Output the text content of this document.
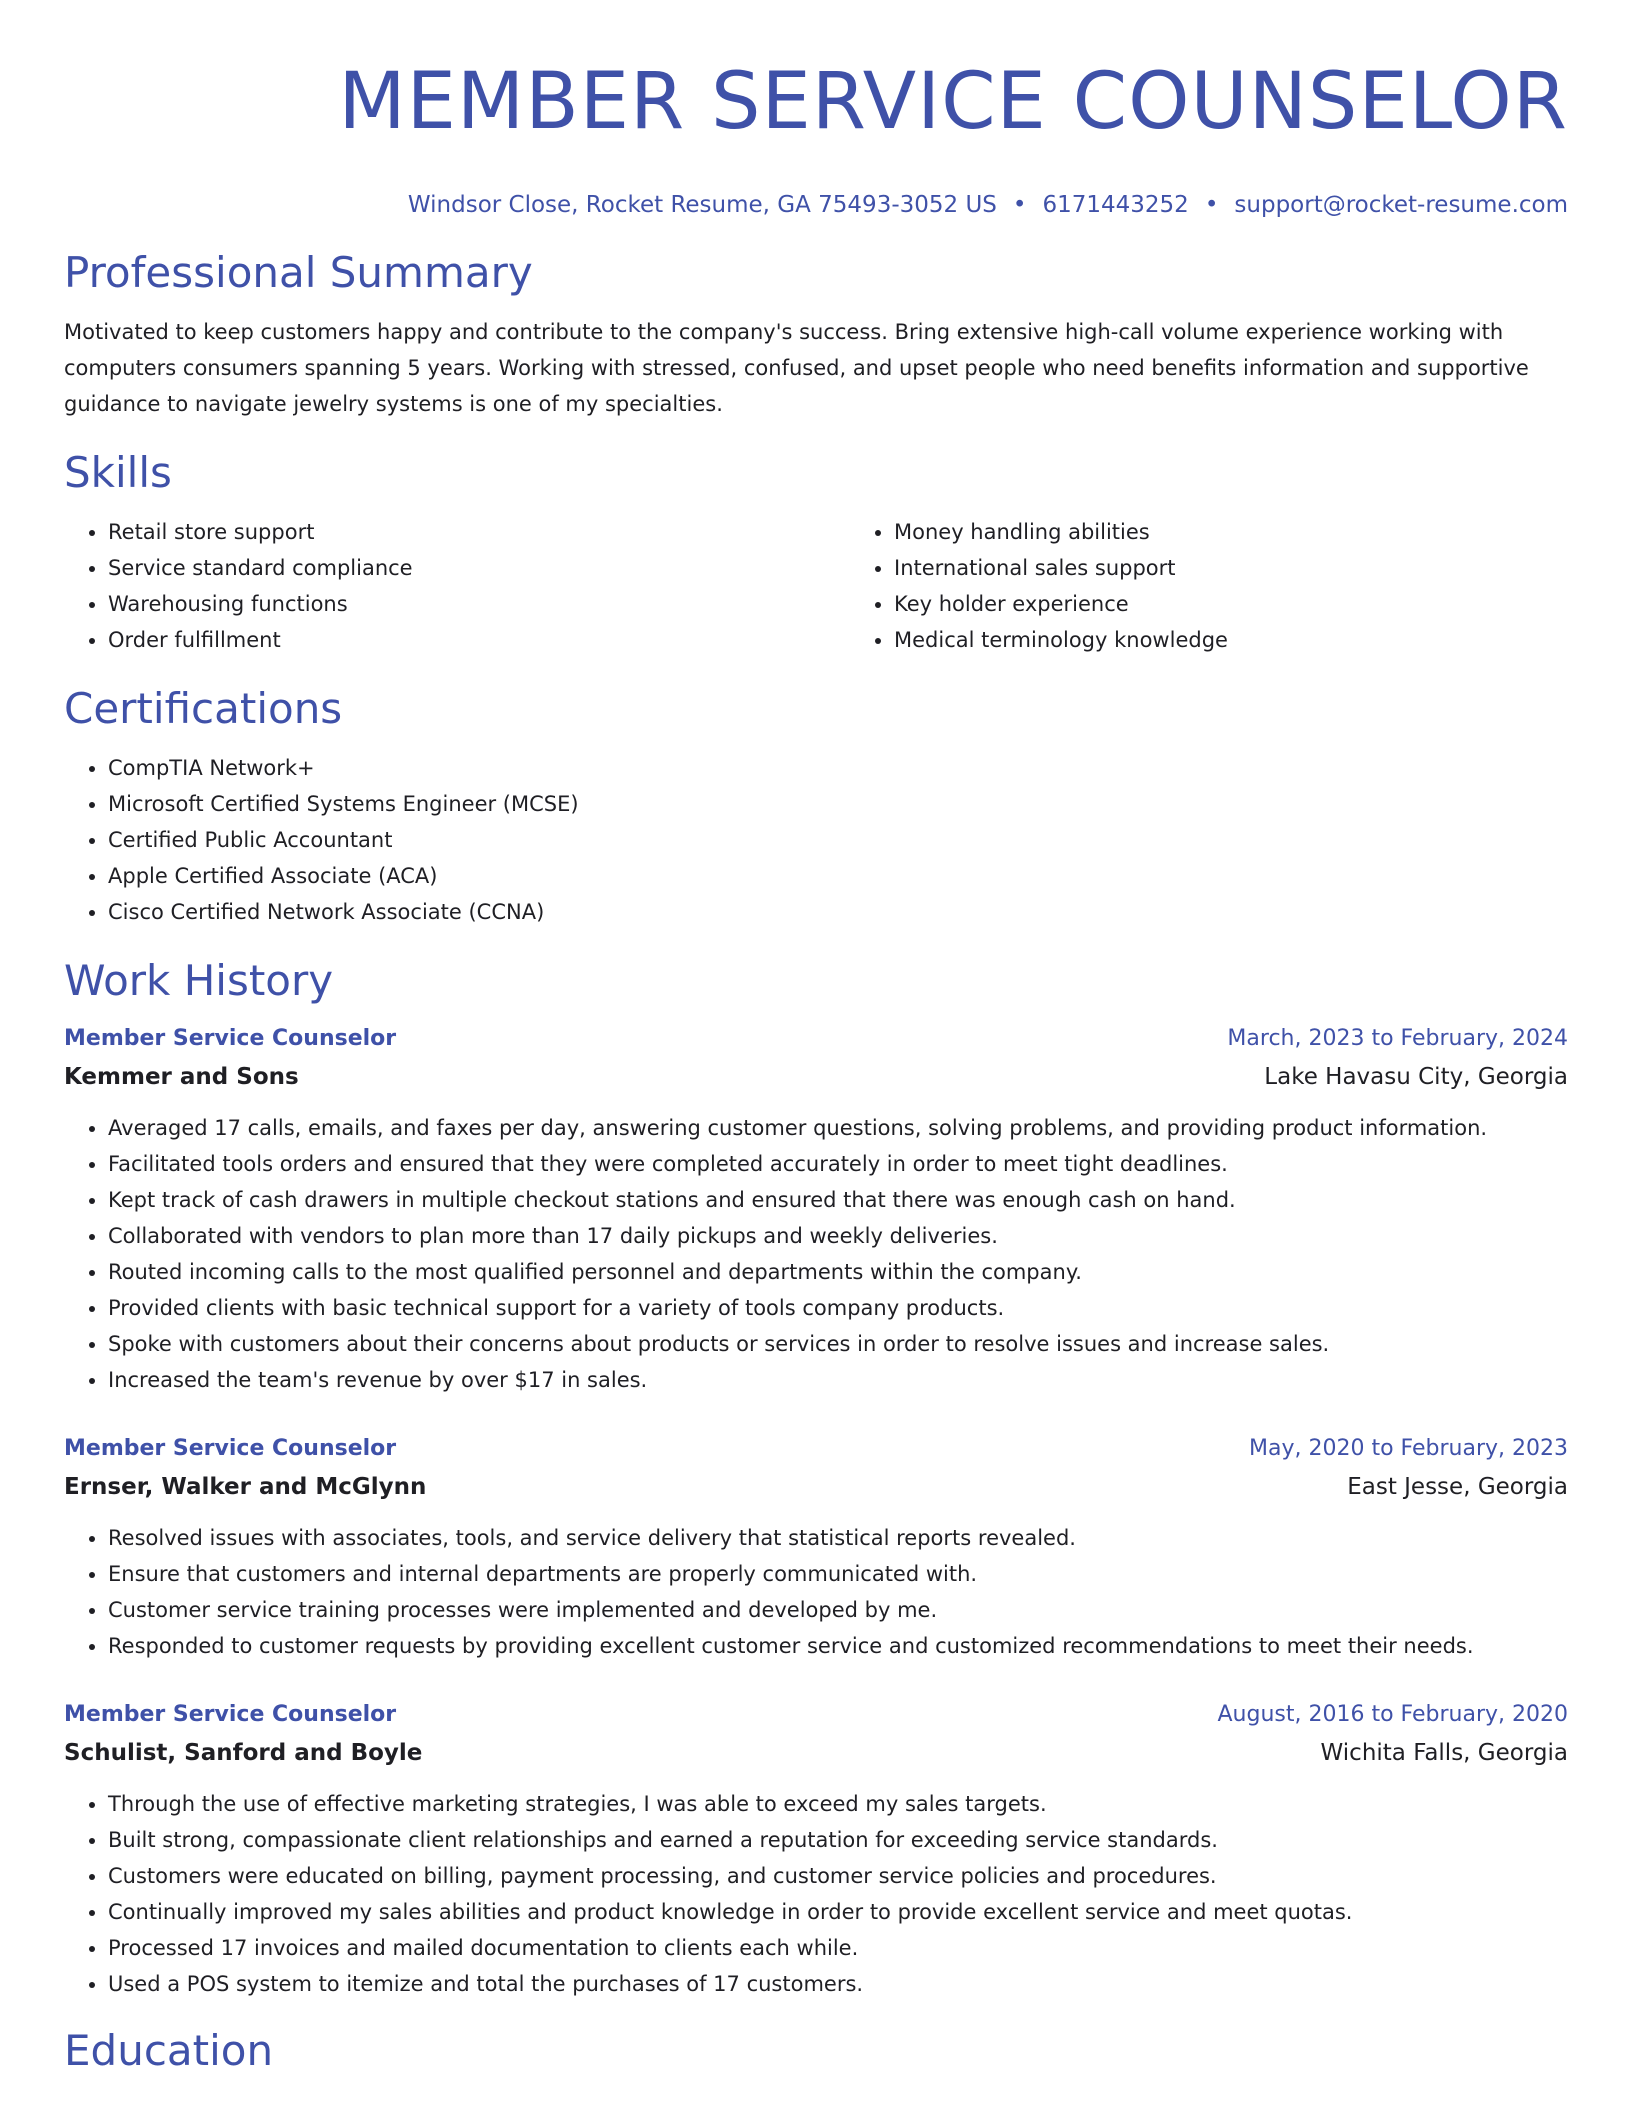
MEMBER SERVICE COUNSELOR
Windsor Close, Rocket Resume, GA 75493-3052 US • 6171443252 • support@rocket-resume.com
Professional Summary

Motivated to keep customers happy and contribute to the company's success. Bring extensive high-call volume experience working with computers consumers spanning 5 years. Working with stressed, confused, and upset people who need benefits information and supportive guidance to navigate jewelry systems is one of my specialties.

Skills
• Retail store support
• Service standard compliance
• Warehousing functions
• Order fulfillment
• Money handling abilities
• International sales support
• Key holder experience
• Medical terminology knowledge
Certifications
• CompTIA Network+
• Microsoft Certified Systems Engineer (MCSE)
• Certified Public Accountant
• Apple Certified Associate (ACA)
• Cisco Certified Network Associate (CCNA)
Work History
Member Service Counselor	March, 2023 to February, 2024
Kemmer and Sons	Lake Havasu City, Georgia
• Averaged 17 calls, emails, and faxes per day, answering customer questions, solving problems, and providing product information.
• Facilitated tools orders and ensured that they were completed accurately in order to meet tight deadlines.
• Kept track of cash drawers in multiple checkout stations and ensured that there was enough cash on hand.
• Collaborated with vendors to plan more than 17 daily pickups and weekly deliveries.
• Routed incoming calls to the most qualified personnel and departments within the company.
• Provided clients with basic technical support for a variety of tools company products.
• Spoke with customers about their concerns about products or services in order to resolve issues and increase sales.
• Increased the team's revenue by over $17 in sales.
Member Service Counselor	May, 2020 to February, 2023
Ernser, Walker and McGlynn	East Jesse, Georgia
• Resolved issues with associates, tools, and service delivery that statistical reports revealed.
• Ensure that customers and internal departments are properly communicated with.
• Customer service training processes were implemented and developed by me.
• Responded to customer requests by providing excellent customer service and customized recommendations to meet their needs.
Member Service Counselor	August, 2016 to February, 2020
Schulist, Sanford and Boyle	Wichita Falls, Georgia
• Through the use of effective marketing strategies, I was able to exceed my sales targets.
• Built strong, compassionate client relationships and earned a reputation for exceeding service standards.
• Customers were educated on billing, payment processing, and customer service policies and procedures.
• Continually improved my sales abilities and product knowledge in order to provide excellent service and meet quotas.
• Processed 17 invoices and mailed documentation to clients each while.
• Used a POS system to itemize and total the purchases of 17 customers.
Education
